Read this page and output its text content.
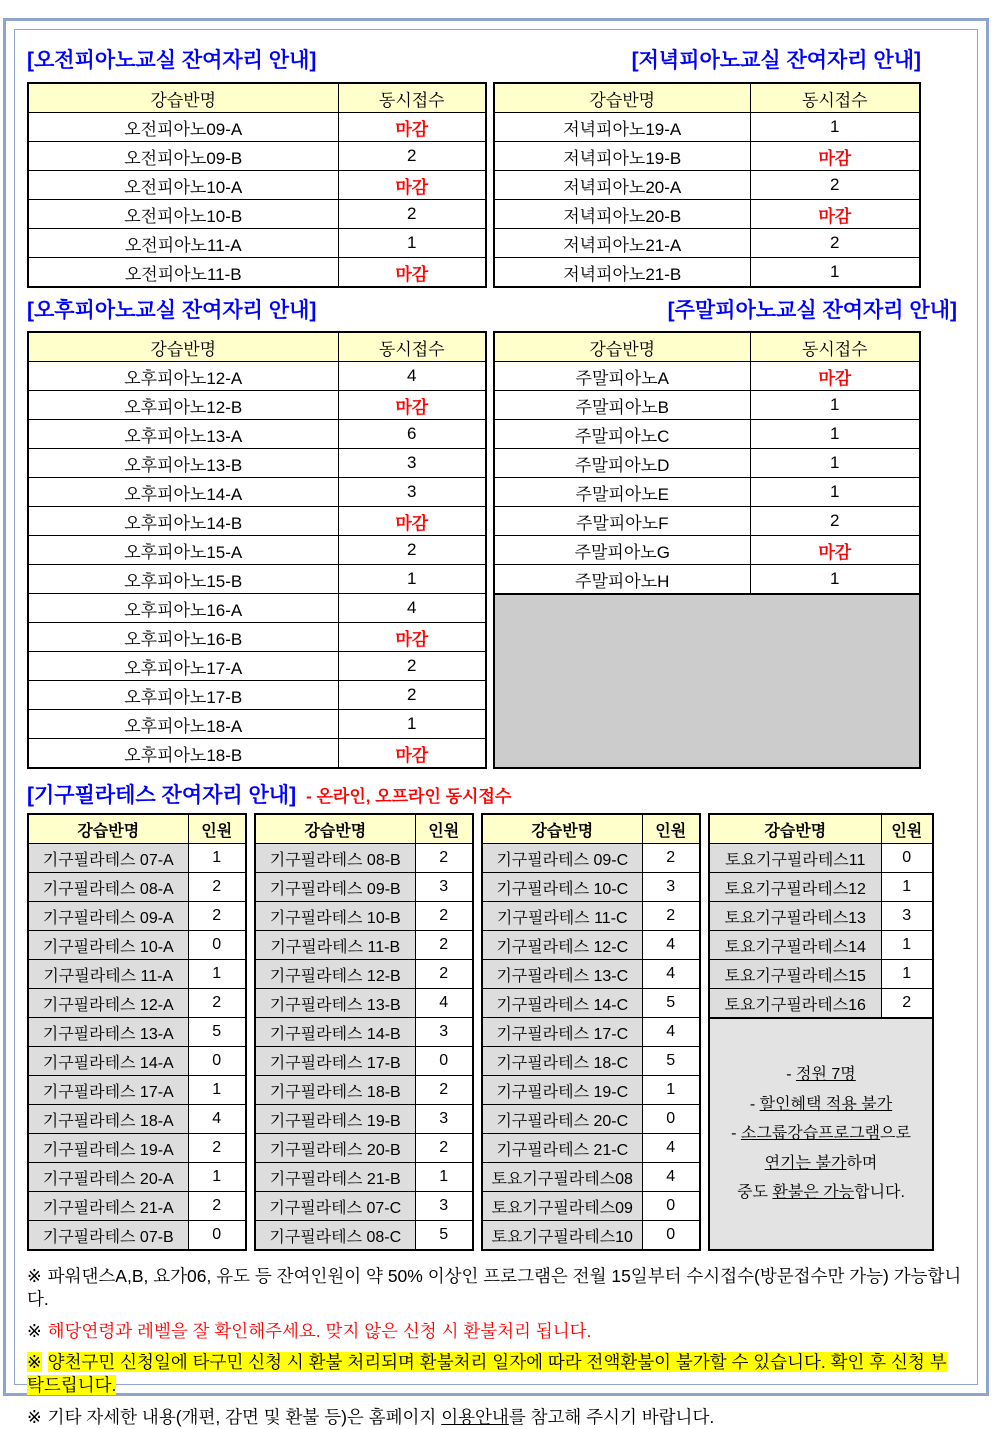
[오전피아노교실 잔여자리 안내]	[저녁피아노교실 잔여자리 안내]
강습반명	동시접수
오전피아노09-A	마감
오전피아노09-B	2
오전피아노10-A	마감
오전피아노10-B	2
오전피아노11-A	1
오전피아노11-B	마감
강습반명	동시접수
저녁피아노19-A	1
저녁피아노19-B	마감
저녁피아노20-A	2
저녁피아노20-B	마감
저녁피아노21-A	2
저녁피아노21-B	1
[오후피아노교실 잔여자리 안내]	[주말피아노교실 잔여자리 안내]
강습반명	동시접수
오후피아노12-A	4
오후피아노12-B	마감
오후피아노13-A	6
오후피아노13-B	3
오후피아노14-A	3
오후피아노14-B	마감
오후피아노15-A	2
오후피아노15-B	1
오후피아노16-A	4
오후피아노16-B	마감
오후피아노17-A	2
오후피아노17-B	2
오후피아노18-A	1
오후피아노18-B	마감
강습반명	동시접수
주말피아노A	마감
주말피아노B	1
주말피아노C	1
주말피아노D	1
주말피아노E	1
주말피아노F	2
주말피아노G	마감
주말피아노H	1
[기구필라테스 잔여자리 안내] - 온라인, 오프라인 동시접수
강습반명	인원
기구필라테스 07-A	1
기구필라테스 08-A	2
기구필라테스 09-A	2
기구필라테스 10-A	0
기구필라테스 11-A	1
기구필라테스 12-A	2
기구필라테스 13-A	5
기구필라테스 14-A	0
기구필라테스 17-A	1
기구필라테스 18-A	4
기구필라테스 19-A	2
기구필라테스 20-A	1
기구필라테스 21-A	2
기구필라테스 07-B	0
강습반명	인원
기구필라테스 08-B	2
기구필라테스 09-B	3
기구필라테스 10-B	2
기구필라테스 11-B	2
기구필라테스 12-B	2
기구필라테스 13-B	4
기구필라테스 14-B	3
기구필라테스 17-B	0
기구필라테스 18-B	2
기구필라테스 19-B	3
기구필라테스 20-B	2
기구필라테스 21-B	1
기구필라테스 07-C	3
기구필라테스 08-C	5
강습반명	인원
기구필라테스 09-C	2
기구필라테스 10-C	3
기구필라테스 11-C	2
기구필라테스 12-C	4
기구필라테스 13-C	4
기구필라테스 14-C	5
기구필라테스 17-C	4
기구필라테스 18-C	5
기구필라테스 19-C	1
기구필라테스 20-C	0
기구필라테스 21-C	4
토요기구필라테스08	4
토요기구필라테스09	0
토요기구필라테스10	0
강습반명	인원
토요기구필라테스11	0
토요기구필라테스12	1
토요기구필라테스13	3
토요기구필라테스14	1
토요기구필라테스15	1
토요기구필라테스16	2
- 정원 7명
- 할인혜택 적용 불가
- 소그룹강습프로그램으로
연기는 불가하며
중도 환불은 가능합니다.
※ 파워댄스A,B, 요가06, 유도 등 잔여인원이 약 50% 이상인 프로그램은 전월 15일부터 수시접수(방문접수만 가능) 가능합니다.
※ 해당연령과 레벨을 잘 확인해주세요. 맞지 않은 신청 시 환불처리 됩니다.
※ 양천구민 신청일에 타구민 신청 시 환불 처리되며 환불처리 일자에 따라 전액환불이 불가할 수 있습니다. 확인 후 신청 부탁드립니다.
※ 기타 자세한 내용(개편, 감면 및 환불 등)은 홈페이지 이용안내를 참고해 주시기 바랍니다.
